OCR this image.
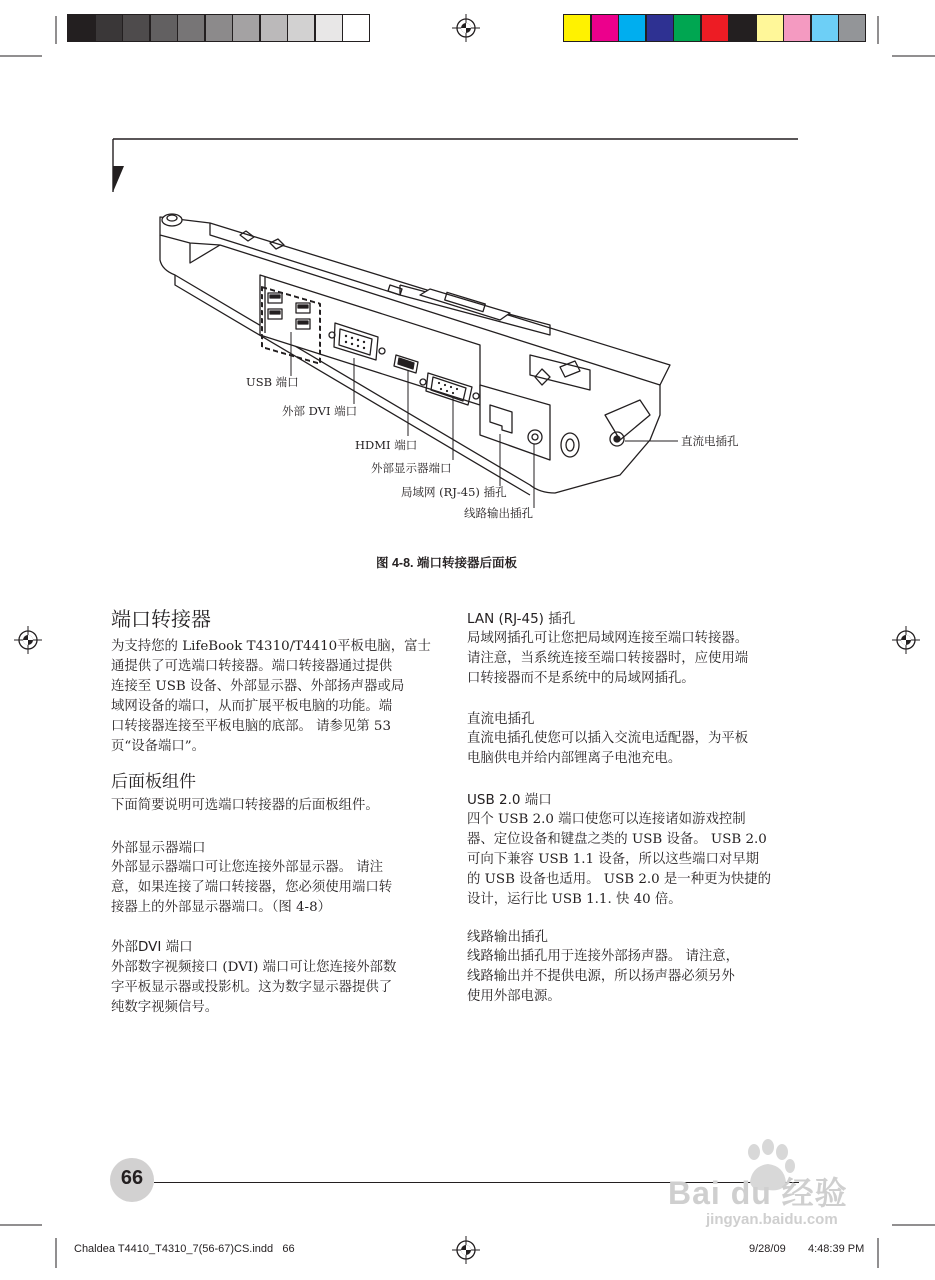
USB 端口
外部 DVI 端口
HDMI 端口
外部显示器端口
局域网 (RJ-45) 插孔
线路输出插孔
直流电插孔
图 4-8. 端口转接器后面板
端口转接器
为支持您的 LifeBook T4310/T4410平板电脑，富士
通提供了可选端口转接器。端口转接器通过提供
连接至 USB 设备、外部显示器、外部扬声器或局
域网设备的端口，从而扩展平板电脑的功能。端
口转接器连接至平板电脑的底部。 请参见第 53
页“设备端口”。
后面板组件

下面简要说明可选端口转接器的后面板组件。

外部显示器端口
外部显示器端口可让您连接外部显示器。 请注
意，如果连接了端口转接器，您必须使用端口转
接器上的外部显示器端口。（图 4-8）
外部DVI 端口
外部数字视频接口 (DVI) 端口可让您连接外部数
字平板显示器或投影机。这为数字显示器提供了
纯数字视频信号。
LAN (RJ-45) 插孔
局域网插孔可让您把局域网连接至端口转接器。
请注意，当系统连接至端口转接器时，应使用端
口转接器而不是系统中的局域网插孔。
直流电插孔
直流电插孔使您可以插入交流电适配器，为平板
电脑供电并给内部锂离子电池充电。
USB 2.0 端口
四个 USB 2.0 端口使您可以连接诸如游戏控制
器、定位设备和键盘之类的 USB 设备。 USB 2.0
可向下兼容 USB 1.1 设备，所以这些端口对早期
的 USB 设备也适用。 USB 2.0 是一种更为快捷的
设计，运行比 USB 1.1. 快 40 倍。
线路输出插孔
线路输出插孔用于连接外部扬声器。 请注意，
线路输出并不提供电源，所以扬声器必须另外
使用外部电源。
66	Bai du 经验
jingyan.baidu.com
Chaldea T4410_T4310_7(56-67)CS.indd   66	9/28/09 4:48:39 PM
